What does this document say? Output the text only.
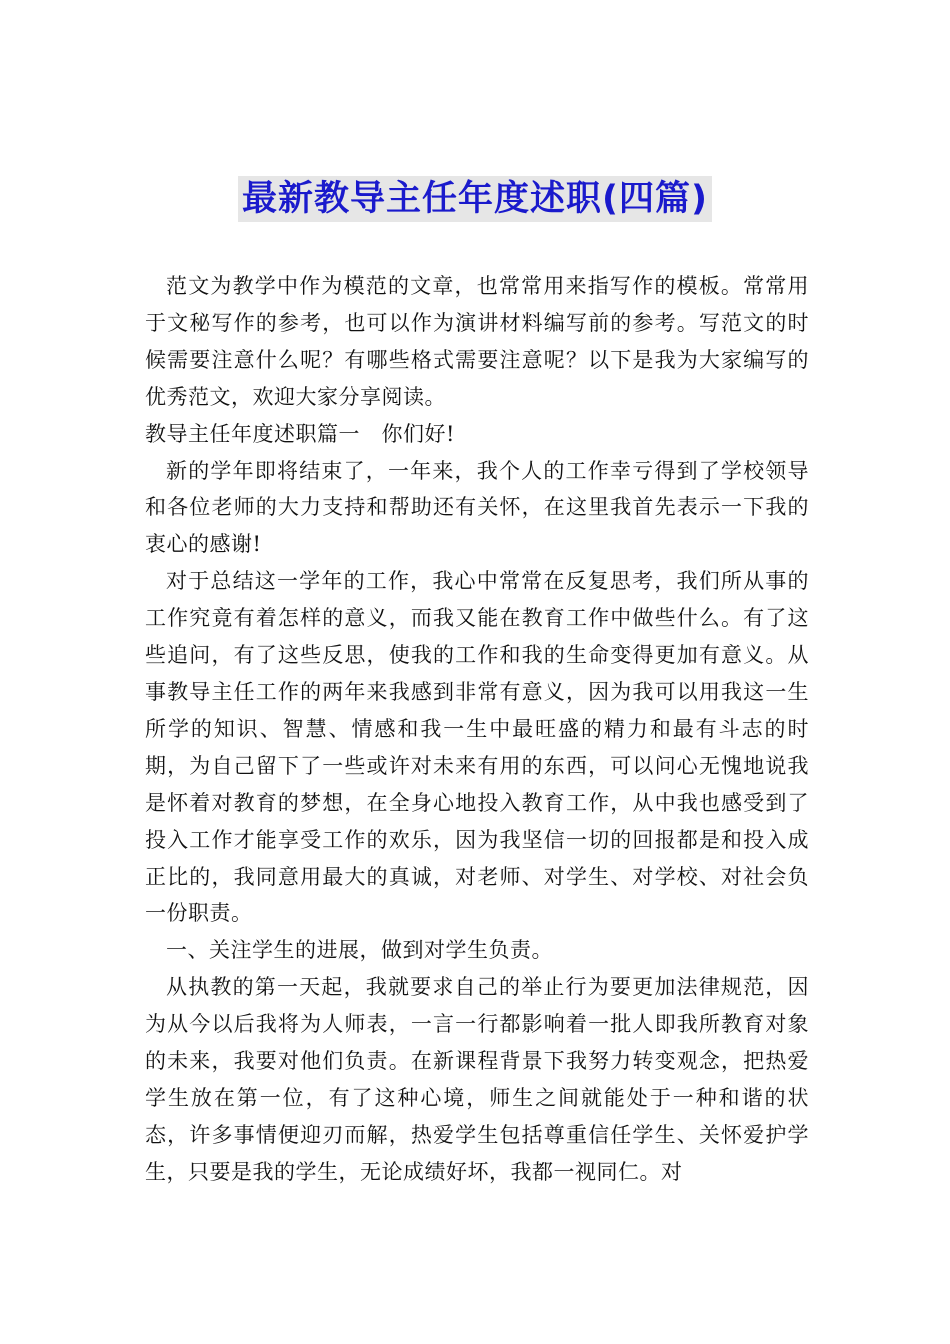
最新教导主任年度述职(四篇)

范文为教学中作为模范的文章，也常常用来指写作的模板。常常用于文秘写作的参考，也可以作为演讲材料编写前的参考。写范文的时候需要注意什么呢？有哪些格式需要注意呢？以下是我为大家编写的优秀范文，欢迎大家分享阅读。

教导主任年度述职篇一　你们好!

新的学年即将结束了，一年来，我个人的工作幸亏得到了学校领导和各位老师的大力支持和帮助还有关怀，在这里我首先表示一下我的衷心的感谢!

对于总结这一学年的工作，我心中常常在反复思考，我们所从事的工作究竟有着怎样的意义，而我又能在教育工作中做些什么。有了这些追问，有了这些反思，使我的工作和我的生命变得更加有意义。从事教导主任工作的两年来我感到非常有意义，因为我可以用我这一生所学的知识、智慧、情感和我一生中最旺盛的精力和最有斗志的时期，为自己留下了一些或许对未来有用的东西，可以问心无愧地说我是怀着对教育的梦想，在全身心地投入教育工作，从中我也感受到了投入工作才能享受工作的欢乐，因为我坚信一切的回报都是和投入成正比的，我同意用最大的真诚，对老师、对学生、对学校、对社会负一份职责。

一、关注学生的进展，做到对学生负责。

从执教的第一天起，我就要求自己的举止行为要更加法律规范，因为从今以后我将为人师表，一言一行都影响着一批人即我所教育对象的未来，我要对他们负责。在新课程背景下我努力转变观念，把热爱学生放在第一位，有了这种心境，师生之间就能处于一种和谐的状态，许多事情便迎刃而解，热爱学生包括尊重信任学生、关怀爱护学生，只要是我的学生，无论成绩好坏，我都一视同仁。对
